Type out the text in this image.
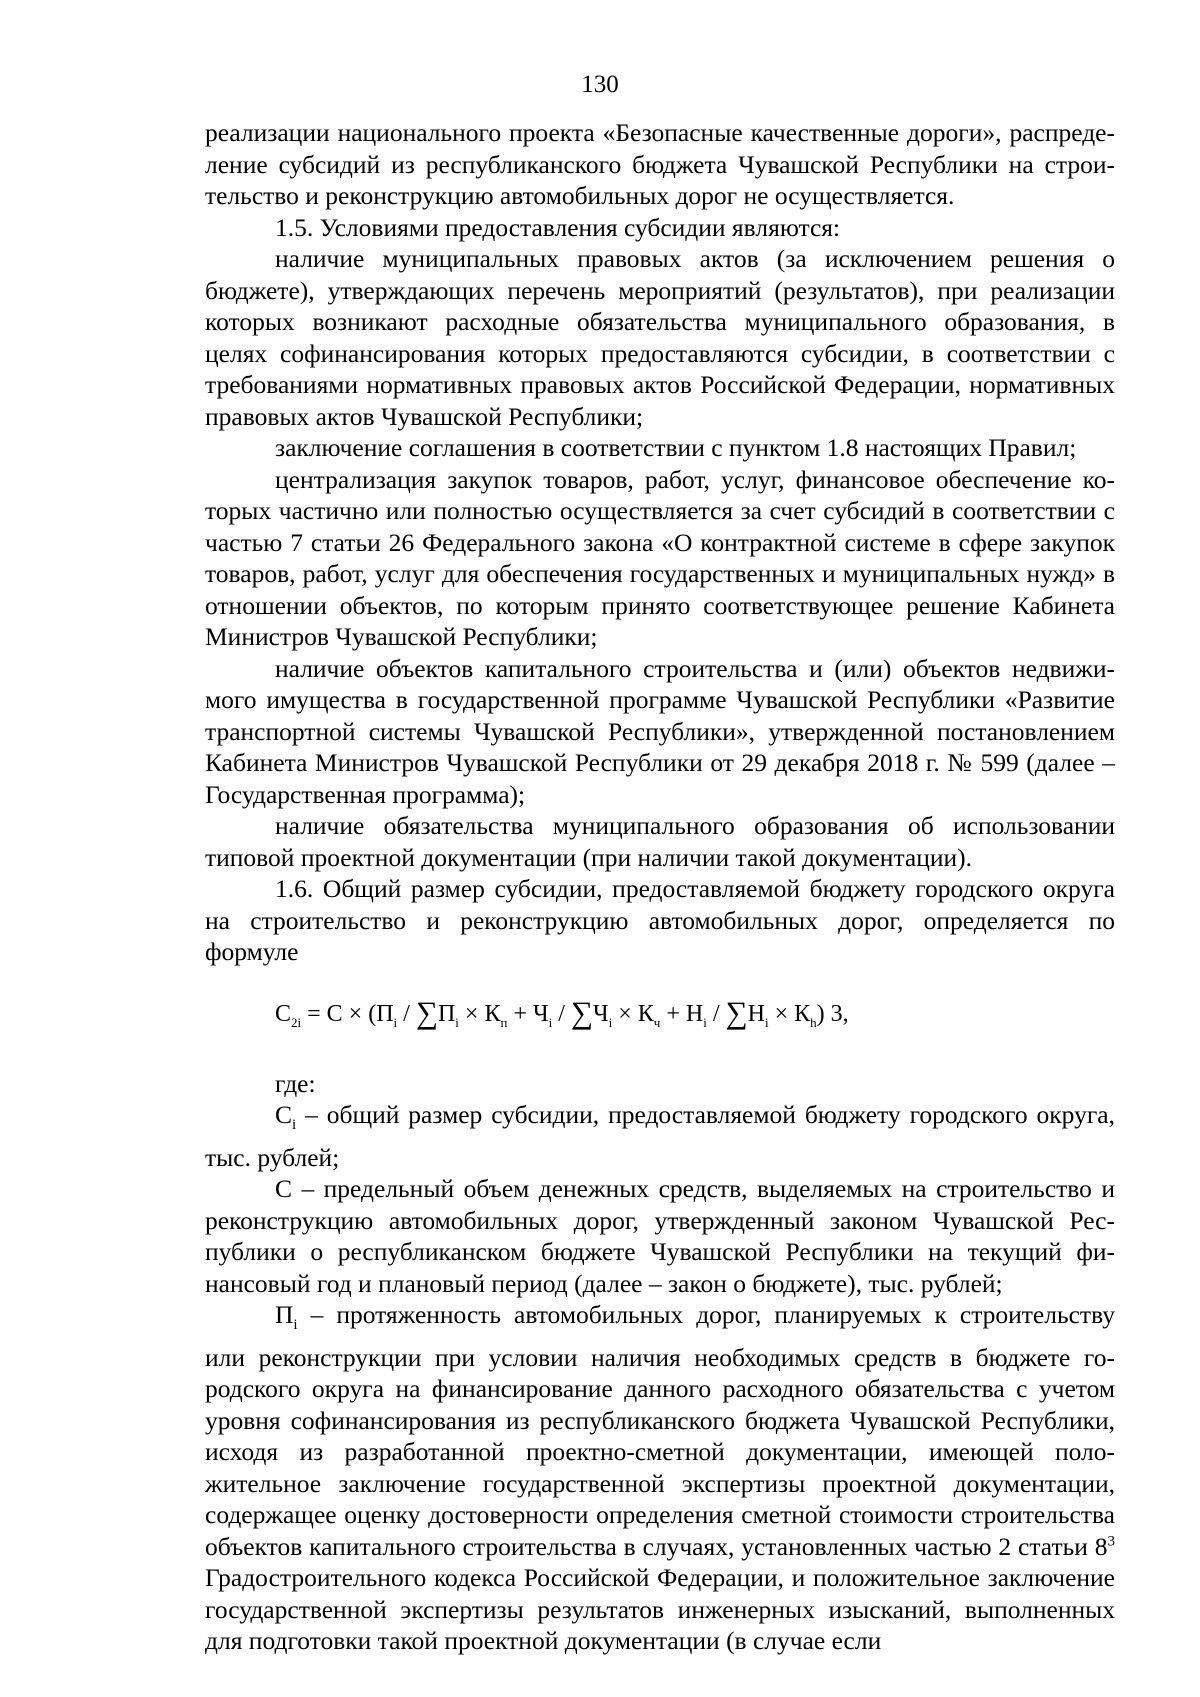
130

реализации национального проекта «Безопасные качественные дороги», распределение субсидий из республиканского бюджета Чувашской Республики на строительство и реконструкцию автомобильных дорог не осуществляется.

1.5. Условиями предоставления субсидии являются:

наличие муниципальных правовых актов (за исключением решения о бюджете), утверждающих перечень мероприятий (результатов), при реализации которых возникают расходные обязательства муниципального образования, в целях софинансирования которых предоставляются субсидии, в соответствии с требованиями нормативных правовых актов Российской Федерации, нормативных правовых актов Чувашской Республики;

заключение соглашения в соответствии с пунктом 1.8 настоящих Правил;

централизация закупок товаров, работ, услуг, финансовое обеспечение которых частично или полностью осуществляется за счет субсидий в соответствии с частью 7 статьи 26 Федерального закона «О контрактной системе в сфере закупок товаров, работ, услуг для обеспечения государственных и муниципальных нужд» в отношении объектов, по которым принято соответствующее решение Кабинета Министров Чувашской Республики;

наличие объектов капитального строительства и (или) объектов недвижимого имущества в государственной программе Чувашской Республики «Развитие транспортной системы Чувашской Республики», утвержденной постановлением Кабинета Министров Чувашской Республики от 29 декабря 2018 г. № 599 (далее – Государственная программа);

наличие обязательства муниципального образования об использовании типовой проектной документации (при наличии такой документации).

1.6. Общий размер субсидии, предоставляемой бюджету городского округа на строительство и реконструкцию автомобильных дорог, определяется по формуле

$С_{2i} = С \times (П_i / \sum П_i \times К_п + Ч_i / \sum Ч_i \times К_ч + Н_i / \sum Н_i \times К_h)$ 3,

где:

$С_i$ – общий размер субсидии, предоставляемой бюджету городского округа, тыс. рублей;

С – предельный объем денежных средств, выделяемых на строительство и реконструкцию автомобильных дорог, утвержденный законом Чувашской Республики о республиканском бюджете Чувашской Республики на текущий финансовый год и плановый период (далее – закон о бюджете), тыс. рублей;

$П_i$ – протяженность автомобильных дорог, планируемых к строительству или реконструкции при условии наличия необходимых средств в бюджете городского округа на финансирование данного расходного обязательства с учетом уровня софинансирования из республиканского бюджета Чувашской Республики, исходя из разработанной проектно-сметной документации, имеющей положительное заключение государственной экспертизы проектной документации, содержащее оценку достоверности определения сметной стоимости строительства объектов капитального строительства в случаях, установленных частью 2 статьи $8^3$ Градостроительного кодекса Российской Федерации, и положительное заключение государственной экспертизы результатов инженерных изысканий, выполненных для подготовки такой проектной документации (в случае если
